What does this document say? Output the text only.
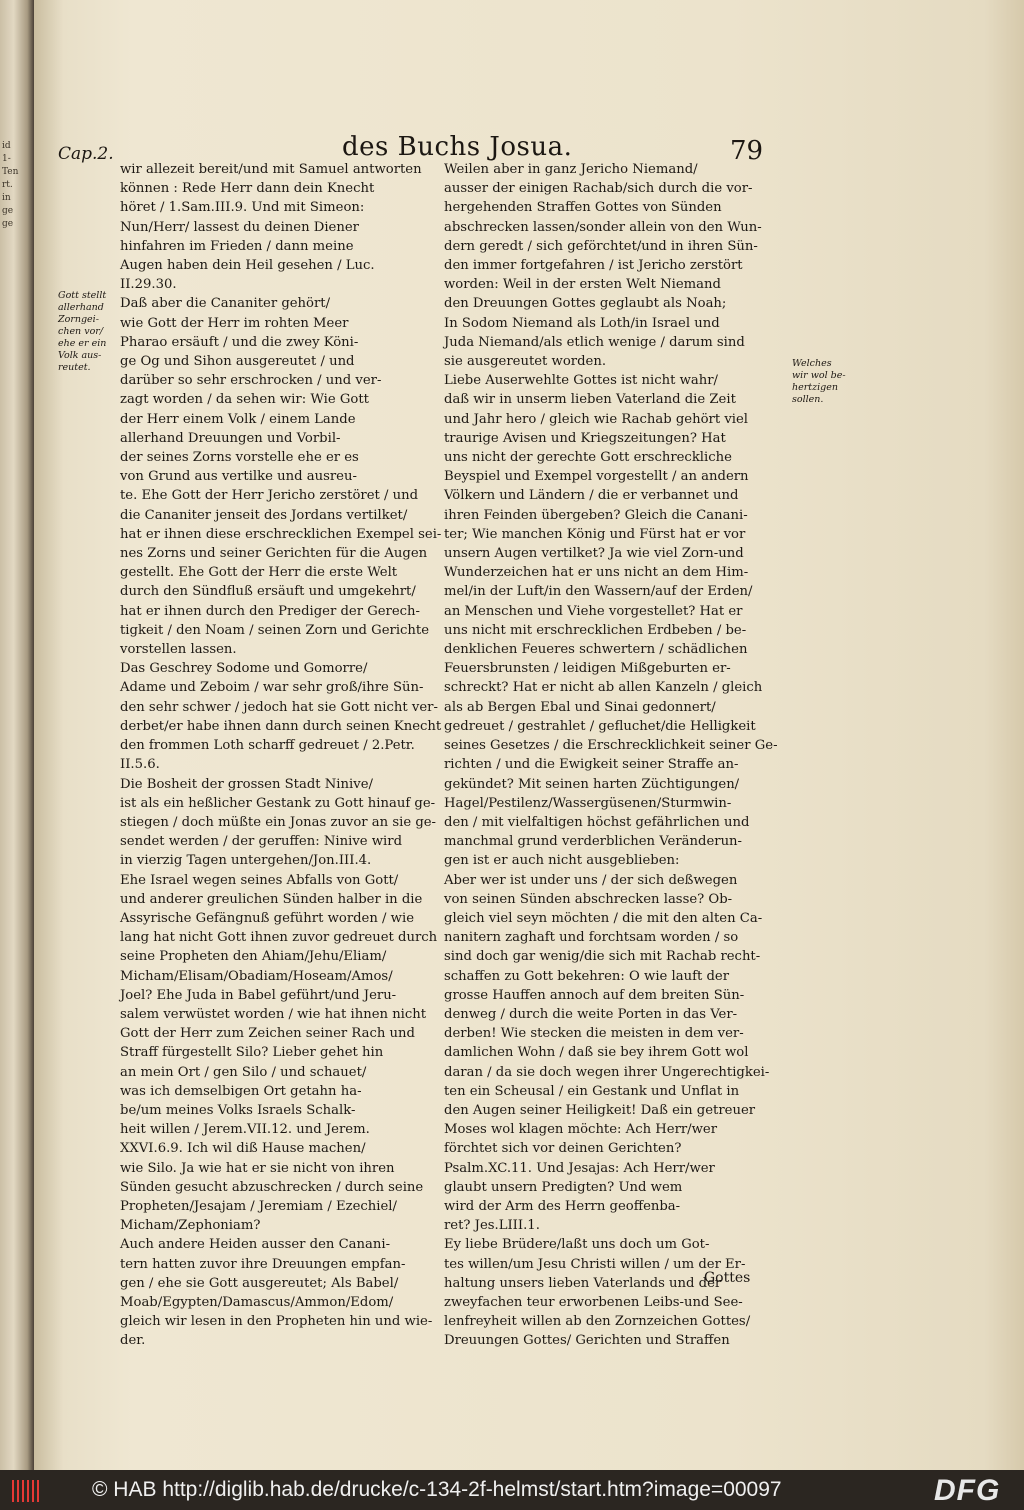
id
1-
Ten
rt.
in
ge
ge
Cap.2.	des Buchs Josua.	79
Gott stellt
allerhand
Zorngei-
chen vor/
ehe er ein
Volk aus-
reutet.	Welches
wir wol be-
hertzigen
sollen.

wir allezeit bereit/und mit Samuel antworten
können : Rede Herr dann dein Knecht
höret / 1.Sam.III.9. Und mit Simeon:
Nun/Herr/ lassest du deinen Diener
hinfahren im Frieden / dann meine
Augen haben dein Heil gesehen / Luc.
II.29.30.

Daß aber die Cananiter gehört/
wie Gott der Herr im rohten Meer
Pharao ersäuft / und die zwey Köni-
ge Og und Sihon ausgereutet / und
darüber so sehr erschrocken / und ver-
zagt worden / da sehen wir: Wie Gott
der Herr einem Volk / einem Lande
allerhand Dreuungen und Vorbil-
der seines Zorns vorstelle ehe er es
von Grund aus vertilke und ausreu-
te. Ehe Gott der Herr Jericho zerstöret / und
die Cananiter jenseit des Jordans vertilket/
hat er ihnen diese erschrecklichen Exempel sei-
nes Zorns und seiner Gerichten für die Augen
gestellt. Ehe Gott der Herr die erste Welt
durch den Sündfluß ersäuft und umgekehrt/
hat er ihnen durch den Prediger der Gerech-
tigkeit / den Noam / seinen Zorn und Gerichte
vorstellen lassen.

Das Geschrey Sodome und Gomorre/
Adame und Zeboim / war sehr groß/ihre Sün-
den sehr schwer / jedoch hat sie Gott nicht ver-
derbet/er habe ihnen dann durch seinen Knecht
den frommen Loth scharff gedreuet / 2.Petr.
II.5.6.

Die Bosheit der grossen Stadt Ninive/
ist als ein heßlicher Gestank zu Gott hinauf ge-
stiegen / doch müßte ein Jonas zuvor an sie ge-
sendet werden / der geruffen: Ninive wird
in vierzig Tagen untergehen/Jon.III.4.

Ehe Israel wegen seines Abfalls von Gott/
und anderer greulichen Sünden halber in die
Assyrische Gefängnuß geführt worden / wie
lang hat nicht Gott ihnen zuvor gedreuet durch
seine Propheten den Ahiam/Jehu/Eliam/
Micham/Elisam/Obadiam/Hoseam/Amos/
Joel? Ehe Juda in Babel geführt/und Jeru-
salem verwüstet worden / wie hat ihnen nicht
Gott der Herr zum Zeichen seiner Rach und
Straff fürgestellt Silo? Lieber gehet hin
an mein Ort / gen Silo / und schauet/
was ich demselbigen Ort getahn ha-
be/um meines Volks Israels Schalk-
heit willen / Jerem.VII.12. und Jerem.
XXVI.6.9. Ich wil diß Hause machen/
wie Silo. Ja wie hat er sie nicht von ihren
Sünden gesucht abzuschrecken / durch seine
Propheten/Jesajam / Jeremiam / Ezechiel/
Micham/Zephoniam?

Auch andere Heiden ausser den Canani-
tern hatten zuvor ihre Dreuungen empfan-
gen / ehe sie Gott ausgereutet; Als Babel/
Moab/Egypten/Damascus/Ammon/Edom/
gleich wir lesen in den Propheten hin und wie-
der.

Weilen aber in ganz Jericho Niemand/
ausser der einigen Rachab/sich durch die vor-
hergehenden Straffen Gottes von Sünden
abschrecken lassen/sonder allein von den Wun-
dern geredt / sich geförchtet/und in ihren Sün-
den immer fortgefahren / ist Jericho zerstört
worden: Weil in der ersten Welt Niemand
den Dreuungen Gottes geglaubt als Noah;
In Sodom Niemand als Loth/in Israel und
Juda Niemand/als etlich wenige / darum sind
sie ausgereutet worden.

Liebe Auserwehlte Gottes ist nicht wahr/
daß wir in unserm lieben Vaterland die Zeit
und Jahr hero / gleich wie Rachab gehört viel
traurige Avisen und Kriegszeitungen? Hat
uns nicht der gerechte Gott erschreckliche
Beyspiel und Exempel vorgestellt / an andern
Völkern und Ländern / die er verbannet und
ihren Feinden übergeben? Gleich die Canani-
ter; Wie manchen König und Fürst hat er vor
unsern Augen vertilket? Ja wie viel Zorn-und
Wunderzeichen hat er uns nicht an dem Him-
mel/in der Luft/in den Wassern/auf der Erden/
an Menschen und Viehe vorgestellet? Hat er
uns nicht mit erschrecklichen Erdbeben / be-
denklichen Feueres schwertern / schädlichen
Feuersbrunsten / leidigen Mißgeburten er-
schreckt? Hat er nicht ab allen Kanzeln / gleich
als ab Bergen Ebal und Sinai gedonnert/
gedreuet / gestrahlet / gefluchet/die Helligkeit
seines Gesetzes / die Erschrecklichkeit seiner Ge-
richten / und die Ewigkeit seiner Straffe an-
gekündet? Mit seinen harten Züchtigungen/
Hagel/Pestilenz/Wassergüsenen/Sturmwin-
den / mit vielfaltigen höchst gefährlichen und
manchmal grund verderblichen Veränderun-
gen ist er auch nicht ausgeblieben:

Aber wer ist under uns / der sich deßwegen
von seinen Sünden abschrecken lasse? Ob-
gleich viel seyn möchten / die mit den alten Ca-
nanitern zaghaft und forchtsam worden / so
sind doch gar wenig/die sich mit Rachab recht-
schaffen zu Gott bekehren: O wie lauft der
grosse Hauffen annoch auf dem breiten Sün-
denweg / durch die weite Porten in das Ver-
derben! Wie stecken die meisten in dem ver-
damlichen Wohn / daß sie bey ihrem Gott wol
daran / da sie doch wegen ihrer Ungerechtigkei-
ten ein Scheusal / ein Gestank und Unflat in
den Augen seiner Heiligkeit! Daß ein getreuer
Moses wol klagen möchte: Ach Herr/wer
förchtet sich vor deinen Gerichten?
Psalm.XC.11. Und Jesajas: Ach Herr/wer
glaubt unsern Predigten? Und wem
wird der Arm des Herrn geoffenba-
ret? Jes.LIII.1.

Ey liebe Brüdere/laßt uns doch um Got-
tes willen/um Jesu Christi willen / um der Er-
haltung unsers lieben Vaterlands und der
zweyfachen teur erworbenen Leibs-und See-
lenfreyheit willen ab den Zornzeichen Gottes/
Dreuungen Gottes/ Gerichten und Straffen

Gottes
© HAB http://diglib.hab.de/drucke/c-134-2f-helmst/start.htm?image=00097	DFG
